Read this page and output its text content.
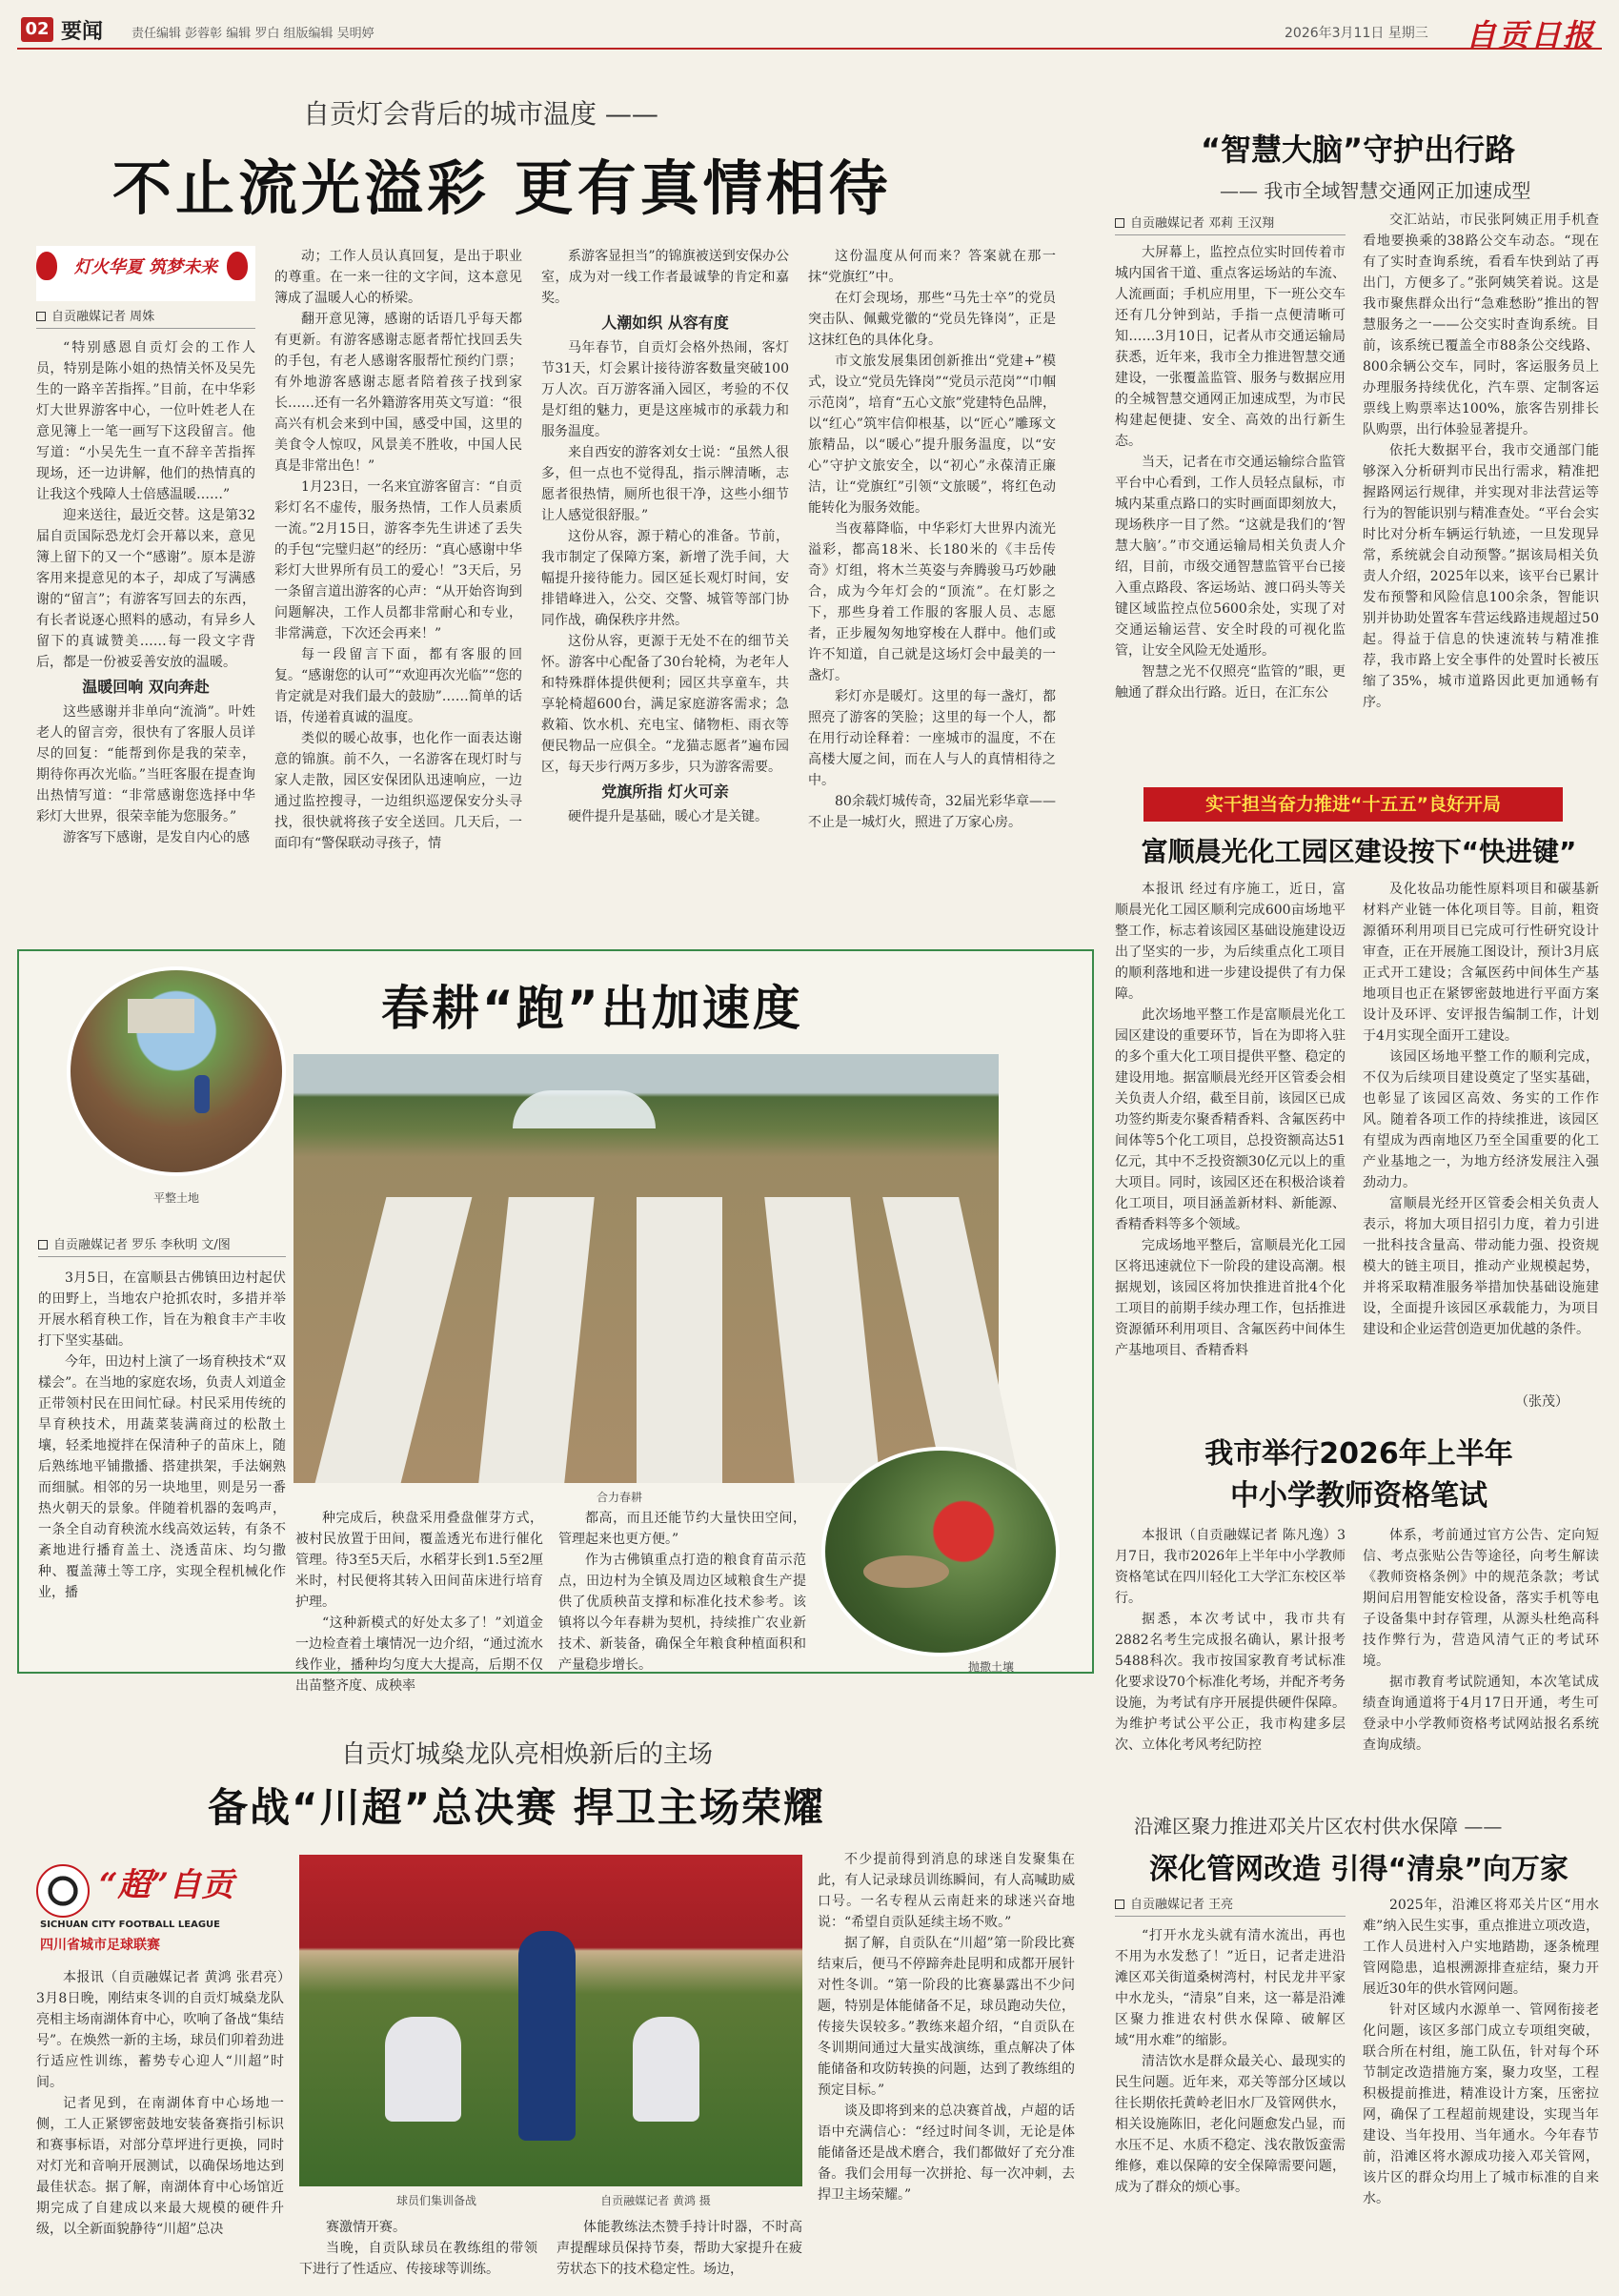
02 要闻 责任编辑 彭蓉彰 编辑 罗白 组版编辑 吴明婷	2026年3月11日 星期三 自贡日报
自贡灯会背后的城市温度 ——
不止流光溢彩 更有真情相待
灯火华夏 筑梦未来
自贡融媒记者 周姝

“特别感恩自贡灯会的工作人员，特别是陈小姐的热情关怀及吴先生的一路辛苦指挥。”目前，在中华彩灯大世界游客中心，一位叶姓老人在意见簿上一笔一画写下这段留言。他写道：“小吴先生一直不辞辛苦指挥现场，还一边讲解，他们的热情真的让我这个残障人士倍感温暖……”

迎来送往，最近交替。这是第32届自贡国际恐龙灯会开幕以来，意见簿上留下的又一个“感谢”。原本是游客用来提意见的本子，却成了写满感谢的“留言”；有游客写回去的东西，有长者说逐心照料的感动，有异乡人留下的真诚赞美……每一段文字背后，都是一份被妥善安放的温暖。

温暖回响 双向奔赴

这些感谢并非单向“流淌”。叶姓老人的留言旁，很快有了客服人员详尽的回复：“能帮到你是我的荣幸，期待你再次光临。”当旺客服在提查询出热情写道：“非常感谢您选择中华彩灯大世界，很荣幸能为您服务。”

游客写下感谢，是发自内心的感

动；工作人员认真回复，是出于职业的尊重。在一来一往的文字间，这本意见簿成了温暖人心的桥梁。

翻开意见簿，感谢的话语几乎每天都有更新。有游客感谢志愿者帮忙找回丢失的手包，有老人感谢客服帮忙预约门票；有外地游客感谢志愿者陪着孩子找到家长……还有一名外籍游客用英文写道：“很高兴有机会来到中国，感受中国，这里的美食令人惊叹，风景美不胜收，中国人民真是非常出色！”

1月23日，一名来宜游客留言：“自贡彩灯名不虚传，服务热情，工作人员素质一流。”2月15日，游客李先生讲述了丢失的手包“完璧归赵”的经历：“真心感谢中华彩灯大世界所有员工的爱心！”3天后，另一条留言道出游客的心声：“从开始咨询到问题解决，工作人员都非常耐心和专业，非常满意，下次还会再来！”

每一段留言下面，都有客服的回复。“感谢您的认可”“欢迎再次光临”“您的肯定就是对我们最大的鼓励”……简单的话语，传递着真诚的温度。

类似的暖心故事，也化作一面表达谢意的锦旗。前不久，一名游客在现灯时与家人走散，园区安保团队迅速响应，一边通过监控搜寻，一边组织巡逻保安分头寻找，很快就将孩子安全送回。几天后，一面印有“警保联动寻孩子，情

系游客显担当”的锦旗被送到安保办公室，成为对一线工作者最诚挚的肯定和嘉奖。

人潮如织 从容有度

马年春节，自贡灯会格外热闹，客灯节31天，灯会累计接待游客数量突破100万人次。百万游客涌入园区，考验的不仅是灯组的魅力，更是这座城市的承载力和服务温度。

来自西安的游客刘女士说：“虽然人很多，但一点也不觉得乱，指示牌清晰，志愿者很热情，厕所也很干净，这些小细节让人感觉很舒服。”

这份从容，源于精心的准备。节前，我市制定了保障方案，新增了洗手间，大幅提升接待能力。园区延长观灯时间，安排错峰进入，公交、交警、城管等部门协同作战，确保秩序井然。

这份从容，更源于无处不在的细节关怀。游客中心配备了30台轮椅，为老年人和特殊群体提供便利；园区共享童车，共享轮椅超600台，满足家庭游客需求；急救箱、饮水机、充电宝、储物柜、雨衣等便民物品一应俱全。“龙猫志愿者”遍布园区，每天步行两万多步，只为游客需要。

党旗所指 灯火可亲

硬件提升是基础，暖心才是关键。

这份温度从何而来？答案就在那一抹“党旗红”中。

在灯会现场，那些“马先士卒”的党员突击队、佩戴党徽的“党员先锋岗”，正是这抹红色的具体化身。

市文旅发展集团创新推出“党建+”模式，设立“党员先锋岗”“党员示范岗”“巾帼示范岗”，培育“五心文旅”党建特色品牌，以“红心”筑牢信仰根基，以“匠心”雕琢文旅精品，以“暖心”提升服务温度，以“安心”守护文旅安全，以“初心”永葆清正廉洁，让“党旗红”引领“文旅暖”，将红色动能转化为服务效能。

当夜幕降临，中华彩灯大世界内流光溢彩，都高18米、长180米的《丰岳传奇》灯组，将木兰英姿与奔腾骏马巧妙融合，成为今年灯会的“顶流”。在灯影之下，那些身着工作服的客服人员、志愿者，正步履匆匆地穿梭在人群中。他们或许不知道，自己就是这场灯会中最美的一盏灯。

彩灯亦是暖灯。这里的每一盏灯，都照亮了游客的笑脸；这里的每一个人，都在用行动诠释着：一座城市的温度，不在高楼大厦之间，而在人与人的真情相待之中。

80余载灯城传奇，32届光彩华章——不止是一城灯火，照进了万家心房。

春耕“跑”出加速度
平整土地
自贡融媒记者 罗乐 李秋明 文/图
合力春耕

3月5日，在富顺县古佛镇田边村起伏的田野上，当地农户抢抓农时，多措并举开展水稻育秧工作，旨在为粮食丰产丰收打下坚实基础。

今年，田边村上演了一场育秧技术“双樣会”。在当地的家庭农场，负责人刘道金正带领村民在田间忙碌。村民采用传统的旱育秧技术，用蔬菜装满商过的松散土壤，轻柔地搅拌在保清种子的苗床上，随后熟练地平铺撒播、搭建拱架，手法娴熟而细腻。相邻的另一块地里，则是另一番热火朝天的景象。伴随着机器的轰鸣声，一条全自动育秧流水线高效运转，有条不紊地进行播育盖土、浇透苗床、均匀撒种、覆盖薄土等工序，实现全程机械化作业，播

种完成后，秧盘采用叠盘催芽方式，被村民放置于田间，覆盖透光布进行催化管理。待3至5天后，水稻芽长到1.5至2厘米时，村民便将其转入田间苗床进行培育护理。

“这种新模式的好处太多了！”刘道金一边检查着土壤情况一边介绍，“通过流水线作业，播种均匀度大大提高，后期不仅出苗整齐度、成秧率

都高，而且还能节约大量快田空间，管理起来也更方便。”

作为古佛镇重点打造的粮食育苗示范点，田边村为全镇及周边区域粮食生产提供了优质秧苗支撑和标准化技术参考。该镇将以今年春耕为契机，持续推广农业新技术、新装备，确保全年粮食种植面积和产量稳步增长。	抛撒土壤
自贡灯城燊龙队亮相焕新后的主场
备战“川超”总决赛 捍卫主场荣耀
“超”自贡
SICHUAN CITY FOOTBALL LEAGUE
四川省城市足球联赛

本报讯（自贡融媒记者 黄鸿 张君亮）3月8日晚，刚结束冬训的自贡灯城燊龙队亮相主场南湖体育中心，吹响了备战“集结号”。在焕然一新的主场，球员们卯着劲进行适应性训练，蓄势专心迎人“川超”时间。

记者见到，在南湖体育中心场地一侧，工人正紧锣密鼓地安装备赛指引标识和赛事标语，对部分草坪进行更换，同时对灯光和音响开展测试，以确保场地达到最佳状态。据了解，南湖体育中心场馆近期完成了自建成以来最大规模的硬件升级，以全新面貌静待“川超”总决

球员们集训备战	自贡融媒记者 黄鸿 摄

赛激情开赛。

当晚，自贡队球员在教练组的带领下进行了性适应、传接球等训练。

体能教练法杰赞手持计时器，不时高声提醒球员保持节奏，帮助大家提升在疲劳状态下的技术稳定性。场边，

不少提前得到消息的球迷自发聚集在此，有人记录球员训练瞬间，有人高喊助威口号。一名专程从云南赶来的球迷兴奋地说：“希望自贡队延续主场不败。”

据了解，自贡队在“川超”第一阶段比赛结束后，便马不停蹄奔赴昆明和成都开展针对性冬训。“第一阶段的比赛暴露出不少问题，特别是体能储备不足，球员跑动失位，传接失误较多。”教练来超介绍，“自贡队在冬训期间通过大量实战演练，重点解决了体能储备和攻防转换的问题，达到了教练组的预定目标。”

谈及即将到来的总决赛首战，卢超的话语中充满信心：“经过时间冬训，无论是体能储备还是战术磨合，我们都做好了充分准备。我们会用每一次拼抢、每一次冲刺，去捍卫主场荣耀。”

“智慧大脑”守护出行路
—— 我市全域智慧交通网正加速成型
自贡融媒记者 邓莉 王汉翔

大屏幕上，监控点位实时回传着市城内国省干道、重点客运场站的车流、人流画面；手机应用里，下一班公交车还有几分钟到站，手指一点便清晰可知……3月10日，记者从市交通运输局获悉，近年来，我市全力推进智慧交通建设，一张覆盖监管、服务与数据应用的全城智慧交通网正加速成型，为市民构建起便捷、安全、高效的出行新生态。

当天，记者在市交通运输综合监管平台中心看到，工作人员轻点鼠标，市城内某重点路口的实时画面即刻放大，现场秩序一目了然。“这就是我们的‘智慧大脑’。”市交通运输局相关负责人介绍，目前，市级交通智慧监管平台已接入重点路段、客运场站、渡口码头等关键区域监控点位5600余处，实现了对交通运输运营、安全时段的可视化监管，让安全风险无处遁形。

智慧之光不仅照亮“监管的”眼，更触通了群众出行路。近日，在汇东公

交汇站站，市民张阿姨正用手机查看地要换乘的38路公交车动态。“现在有了实时查询系统，看看车快到站了再出门，方便多了。”张阿姨笑着说。这是我市聚焦群众出行“急难愁盼”推出的智慧服务之一——公交实时查询系统。目前，该系统已覆盖全市88条公交线路、800余辆公交车，同时，客运服务员上办理服务持续优化，汽车票、定制客运票线上购票率达100%，旅客告别排长队购票，出行体验显著提升。

依托大数据平台，我市交通部门能够深入分析研判市民出行需求，精准把握路网运行规律，并实现对非法营运等行为的智能识别与精准查处。“平台会实时比对分析车辆运行轨迹，一旦发现异常，系统就会自动预警。”据该局相关负责人介绍，2025年以来，该平台已累计发布预警和风险信息100余条，智能识别并协助处置客车营运线路违规超过50起。得益于信息的快速流转与精准推荐，我市路上安全事件的处置时长被压缩了35%，城市道路因此更加通畅有序。

实干担当奋力推进“十五五”良好开局
富顺晨光化工园区建设按下“快进键”

本报讯 经过有序施工，近日，富顺晨光化工园区顺利完成600亩场地平整工作，标志着该园区基础设施建设迈出了坚实的一步，为后续重点化工项目的顺利落地和进一步建设提供了有力保障。

此次场地平整工作是富顺晨光化工园区建设的重要环节，旨在为即将入驻的多个重大化工项目提供平整、稳定的建设用地。据富顺晨光经开区管委会相关负责人介绍，截至目前，该园区已成功签约斯麦尔聚香精香料、含氟医药中间体等5个化工项目，总投资额高达51亿元，其中不乏投资额30亿元以上的重大项目。同时，该园区还在积极洽谈着化工项目，项目涵盖新材料、新能源、香精香料等多个领域。

完成场地平整后，富顺晨光化工园区将迅速就位下一阶段的建设高潮。根据规划，该园区将加快推进首批4个化工项目的前期手续办理工作，包括推进资源循环利用项目、含氟医药中间体生产基地项目、香精香料

及化妆品功能性原料项目和碳基新材料产业链一体化项目等。目前，粗资源循环利用项目已完成可行性研究设计审查，正在开展施工图设计，预计3月底正式开工建设；含氟医药中间体生产基地项目也正在紧锣密鼓地进行平面方案设计及环评、安评报告编制工作，计划于4月实现全面开工建设。

该园区场地平整工作的顺利完成，不仅为后续项目建设奠定了坚实基础，也彰显了该园区高效、务实的工作作风。随着各项工作的持续推进，该园区有望成为西南地区乃至全国重要的化工产业基地之一，为地方经济发展注入强劲动力。

富顺晨光经开区管委会相关负责人表示，将加大项目招引力度，着力引进一批科技含量高、带动能力强、投资规模大的链主项目，推动产业规模起势，并将采取精准服务举措加快基础设施建设，全面提升该园区承载能力，为项目建设和企业运营创造更加优越的条件。

（张茂）
我市举行2026年上半年
中小学教师资格笔试

本报讯（自贡融媒记者 陈凡逸）3月7日，我市2026年上半年中小学教师资格笔试在四川轻化工大学汇东校区举行。

据悉，本次考试中，我市共有2882名考生完成报名确认，累计报考5488科次。我市按国家教育考试标准化要求设70个标准化考场，并配齐考务设施，为考试有序开展提供硬件保障。为维护考试公平公正，我市构建多层次、立体化考风考纪防控

体系，考前通过官方公告、定向短信、考点张贴公告等途径，向考生解读《教师资格条例》中的规范条款；考试期间启用智能安检设备，落实手机等电子设备集中封存管理，从源头杜绝高科技作弊行为，营造风清气正的考试环境。

据市教育考试院通知，本次笔试成绩查询通道将于4月17日开通，考生可登录中小学教师资格考试网站报名系统查询成绩。

沿滩区聚力推进邓关片区农村供水保障 ——
深化管网改造 引得“清泉”向万家
自贡融媒记者 王亮

“打开水龙头就有清水流出，再也不用为水发愁了！”近日，记者走进沿滩区邓关街道桑树湾村，村民龙井平家中水龙头，“清泉”自来，这一幕是沿滩区聚力推进农村供水保障、破解区域“用水难”的缩影。

清洁饮水是群众最关心、最现实的民生问题。近年来，邓关等部分区域以往长期依托黄岭老旧水厂及管网供水，相关设施陈旧，老化问题愈发凸显，而水压不足、水质不稳定、浅农散饭蛮需维修，难以保障的安全保障需要问题，成为了群众的烦心事。

2025年，沿滩区将邓关片区“用水难”纳入民生实事，重点推进立项改造，工作人员进村入户实地踏勘，逐条梳理管网隐患，追根溯源排查症结，聚力开展近30年的供水管网问题。

针对区域内水源单一、管网衔接老化问题，该区多部门成立专项组突破，联合所在村组，施工队伍，针对每个环节制定改造措施方案，聚力攻坚，工程积极提前推进，精准设计方案，压密拉网，确保了工程超前规建设，实现当年建设、当年投用、当年通水。今年春节前，沿滩区将水源成功接入邓关管网，该片区的群众均用上了城市标准的自来水。
